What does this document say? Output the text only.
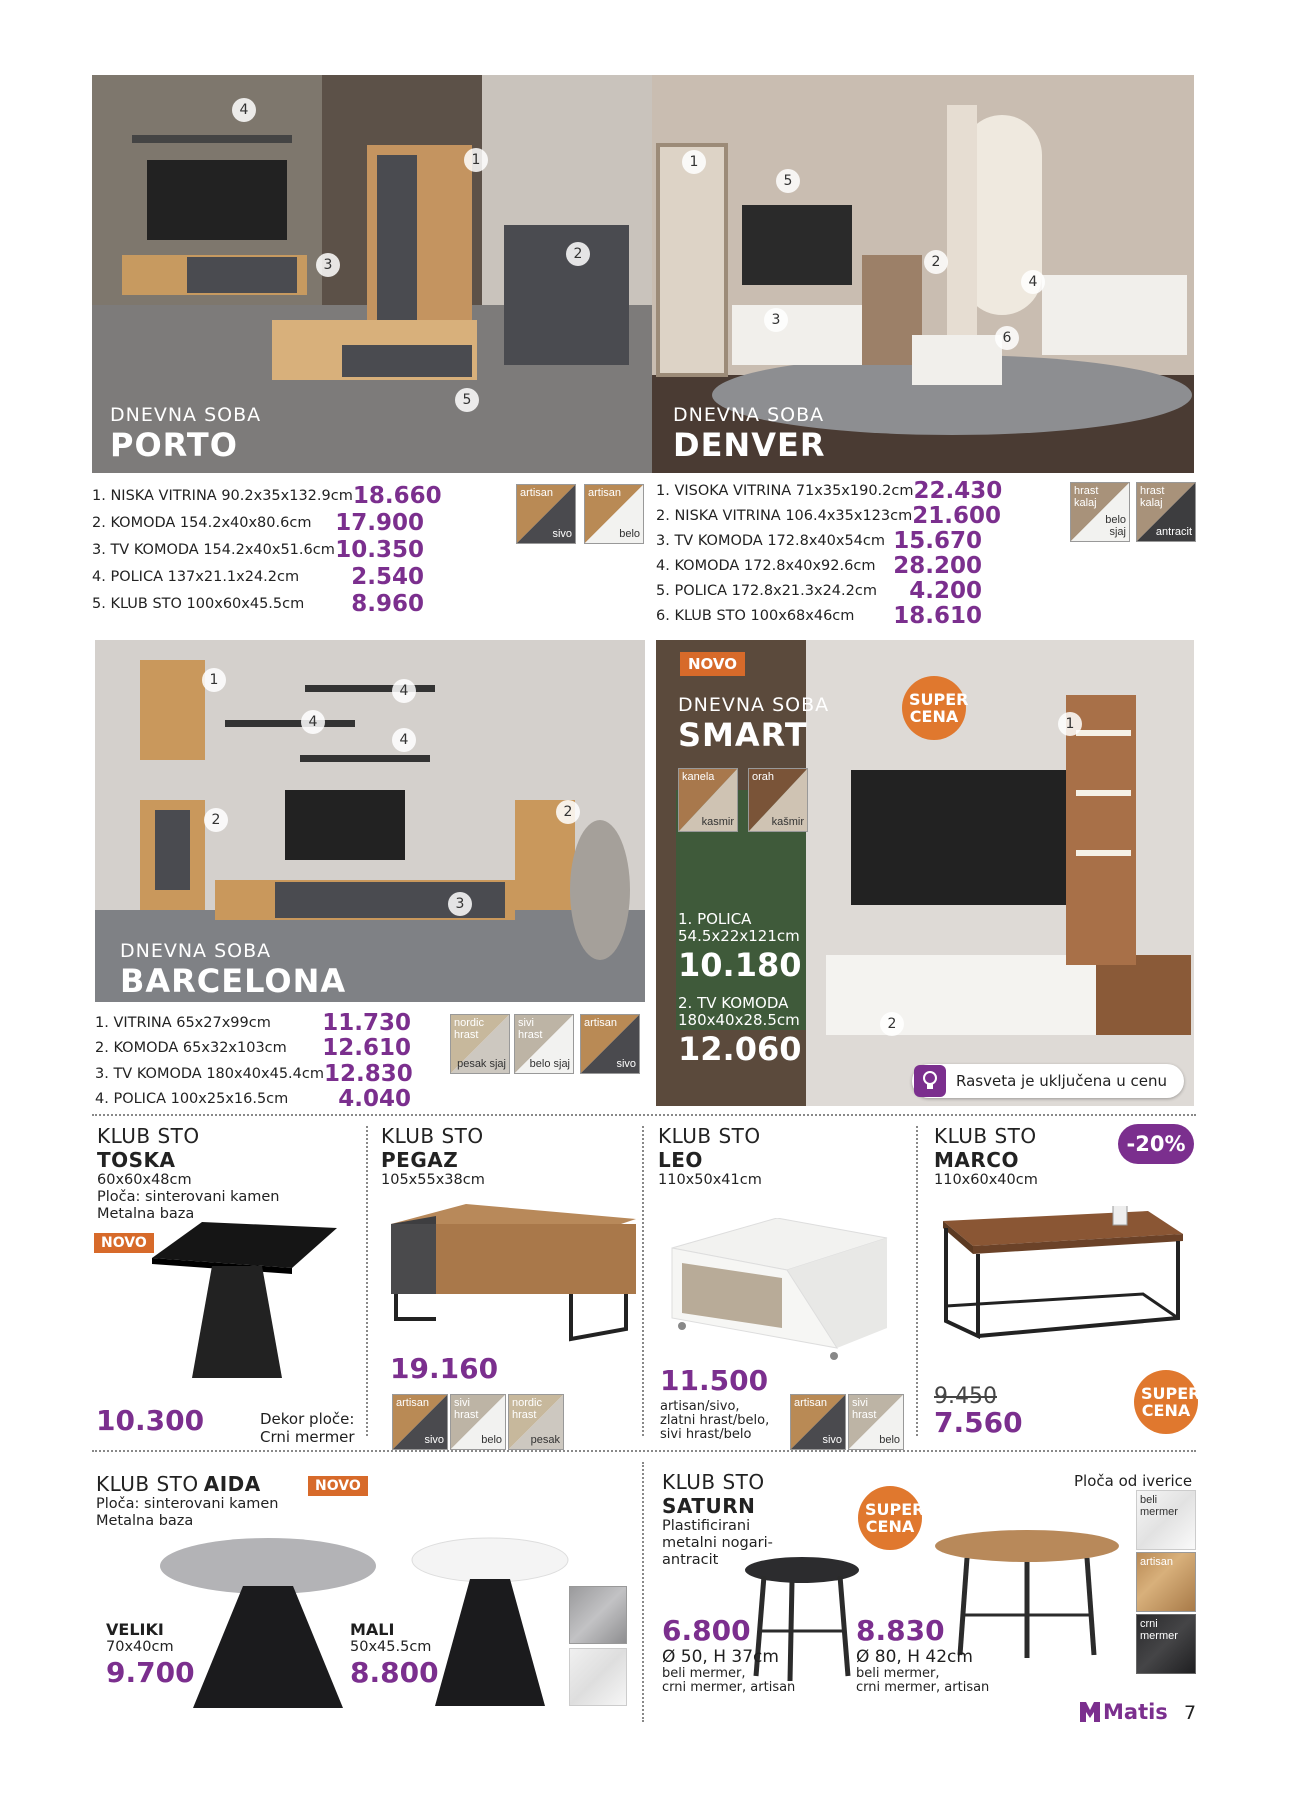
4
1
3
2
5
DNEVNA SOBA
PORTO
1. NISKA VITRINA 90.2x35x132.9cm 18.660
2. KOMODA 154.2x40x80.6cm 17.900
3. TV KOMODA 154.2x40x51.6cm 10.350
4. POLICA 137x21.1x24.2cm 2.540
5. KLUB STO 100x60x45.5cm 8.960
artisan
sivo
artisan
belo
1
5
2
4
3
6
DNEVNA SOBA
DENVER
1. VISOKA VITRINA 71x35x190.2cm 22.430
2. NISKA VITRINA 106.4x35x123cm 21.600
3. TV KOMODA 172.8x40x54cm 15.670
4. KOMODA 172.8x40x92.6cm 28.200
5. POLICA 172.8x21.3x24.2cm 4.200
6. KLUB STO 100x68x46cm 18.610
hrast kalaj
belo sjaj
hrast kalaj
antracit
1
4
4
4
2	2
3
DNEVNA SOBA
BARCELONA
1. VITRINA 65x27x99cm 11.730
2. KOMODA 65x32x103cm 12.610
3. TV KOMODA 180x40x45.4cm 12.830
4. POLICA 100x25x16.5cm 4.040
nordic hrast
pesak sjaj
sivi hrast
belo sjaj
artisan
sivo
NOVO
DNEVNA SOBA
SMART
SUPER CENA	1
2
kanela
kasmir
orah
kašmir
1. POLICA
54.5x22x121cm
10.180
2. TV KOMODA
180x40x28.5cm
12.060
Rasveta je uključena u cenu
KLUB STO
TOSKA
60x60x48cm
Ploča: sinterovani kamen
Metalna baza
NOVO
10.300	Dekor ploče:
Crni mermer
KLUB STO
PEGAZ
105x55x38cm
19.160
artisan
sivo
sivi hrast
belo
nordic hrast
pesak
KLUB STO
LEO
110x50x41cm
11.500
artisan/sivo,
zlatni hrast/belo,
sivi hrast/belo
artisan
sivo
sivi hrast
belo
KLUB STO
MARCO
110x60x40cm
-20%
9.450
7.560
SUPER CENA
KLUB STO AIDA
Ploča: sinterovani kamen
Metalna baza
NOVO
VELIKI
70x40cm
9.700
MALI
50x45.5cm
8.800
KLUB STO
SATURN
Plastificirani
metalni nogari-
antracit
SUPER CENA
Ploča od iverice
6.800
Ø 50, H 37cm
beli mermer,
crni mermer, artisan
8.830
Ø 80, H 42cm
beli mermer,
crni mermer, artisan
beli mermer
artisan
crni mermer
Matis 7
